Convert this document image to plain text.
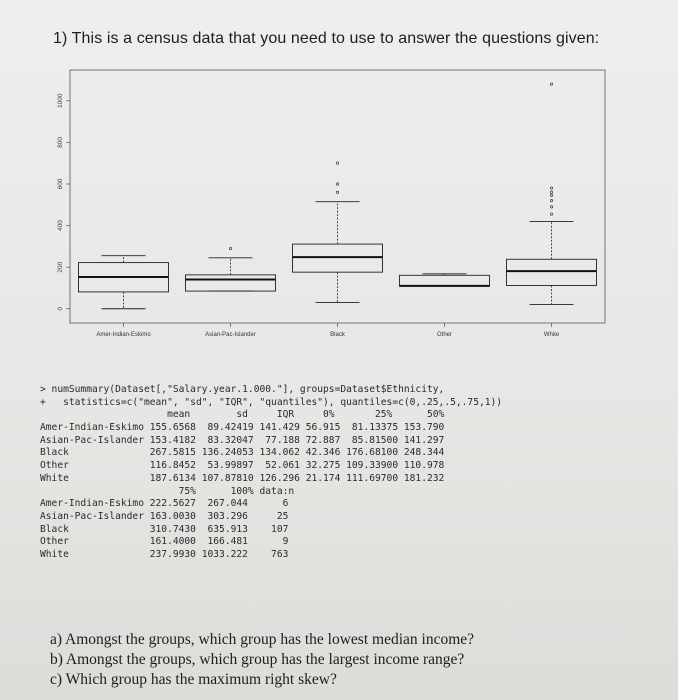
1) This is a census data that you need to use to answer the questions given:
0
200
400
600
800
1000
Amer-Indian-Eskimo	Asian-Pac-Islander	Black	Other	White
> numSummary(Dataset[,"Salary.year.1.000."], groups=Dataset$Ethnicity,
+   statistics=c("mean", "sd", "IQR", "quantiles"), quantiles=c(0,.25,.5,.75,1))
mean        sd     IQR     0%       25%      50%
Amer-Indian-Eskimo 155.6568  89.42419 141.429 56.915  81.13375 153.790
Asian-Pac-Islander 153.4182  83.32047  77.188 72.887  85.81500 141.297
Black              267.5815 136.24053 134.062 42.346 176.68100 248.344
Other              116.8452  53.99897  52.061 32.275 109.33900 110.978
White              187.6134 107.87810 126.296 21.174 111.69700 181.232
75%      100% data:n
Amer-Indian-Eskimo 222.5627  267.044      6
Asian-Pac-Islander 163.0030  303.296     25
Black              310.7430  635.913    107
Other              161.4000  166.481      9
White              237.9930 1033.222    763
a) Amongst the groups, which group has the lowest median income?
b) Amongst the groups, which group has the largest income range?
c) Which group has the maximum right skew?
